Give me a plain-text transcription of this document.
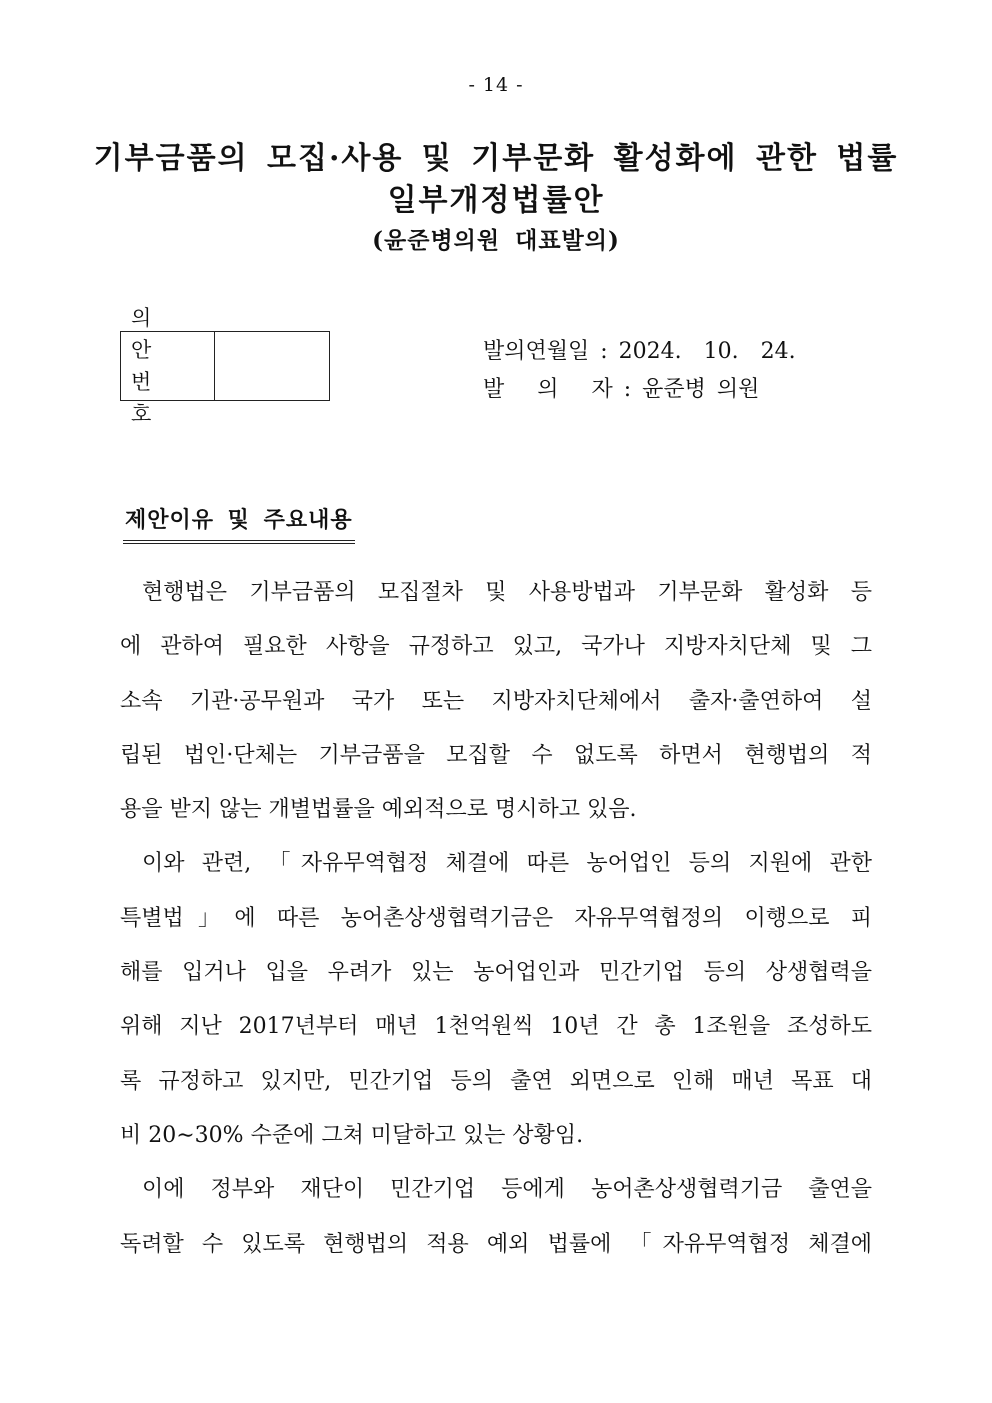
- 14 -
기부금품의 모집·사용 및 기부문화 활성화에 관한 법률
일부개정법률안
(윤준병의원 대표발의)
의 안
번 호
발의연월일 : 2024.  10.  24.
발   의   자 : 윤준병 의원
제안이유 및 주요내용
현행법은 기부금품의 모집절차 및 사용방법과 기부문화 활성화 등
에 관하여 필요한 사항을 규정하고 있고, 국가나 지방자치단체 및 그
소속 기관·공무원과 국가 또는 지방자치단체에서 출자·출연하여 설
립된 법인·단체는 기부금품을 모집할 수 없도록 하면서 현행법의 적
용을 받지 않는 개별법률을 예외적으로 명시하고 있음.
이와 관련, 「자유무역협정 체결에 따른 농어업인 등의 지원에 관한
특별법」에 따른 농어촌상생협력기금은 자유무역협정의 이행으로 피
해를 입거나 입을 우려가 있는 농어업인과 민간기업 등의 상생협력을
위해 지난 2017년부터 매년 1천억원씩 10년 간 총 1조원을 조성하도
록 규정하고 있지만, 민간기업 등의 출연 외면으로 인해 매년 목표 대
비 20∼30% 수준에 그쳐 미달하고 있는 상황임.
이에 정부와 재단이 민간기업 등에게 농어촌상생협력기금 출연을
독려할 수 있도록 현행법의 적용 예외 법률에 「자유무역협정 체결에
